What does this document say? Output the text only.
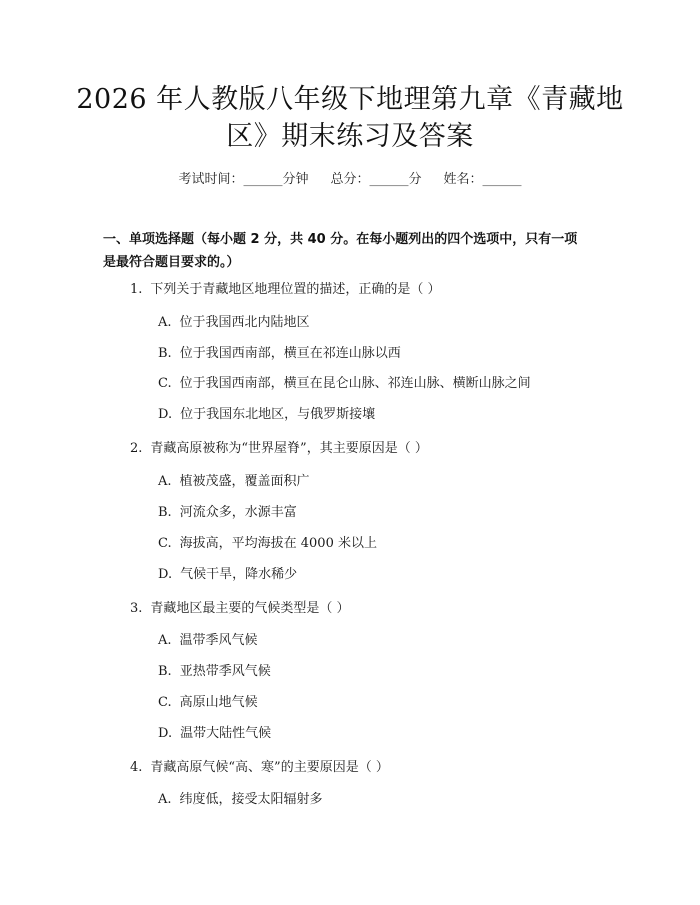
2026 年人教版八年级下地理第九章《青藏地
区》期末练习及答案
考试时间：______分钟 总分：______分 姓名：______
一、单项选择题（每小题 2 分，共 40 分。在每小题列出的四个选项中，只有一项
是最符合题目要求的。）
1. 下列关于青藏地区地理位置的描述，正确的是（ ）
A. 位于我国西北内陆地区
B. 位于我国西南部，横亘在祁连山脉以西
C. 位于我国西南部，横亘在昆仑山脉、祁连山脉、横断山脉之间
D. 位于我国东北地区，与俄罗斯接壤
2. 青藏高原被称为“世界屋脊”，其主要原因是（ ）
A. 植被茂盛，覆盖面积广
B. 河流众多，水源丰富
C. 海拔高，平均海拔在 4000 米以上
D. 气候干旱，降水稀少
3. 青藏地区最主要的气候类型是（ ）
A. 温带季风气候
B. 亚热带季风气候
C. 高原山地气候
D. 温带大陆性气候
4. 青藏高原气候“高、寒”的主要原因是（ ）
A. 纬度低，接受太阳辐射多
